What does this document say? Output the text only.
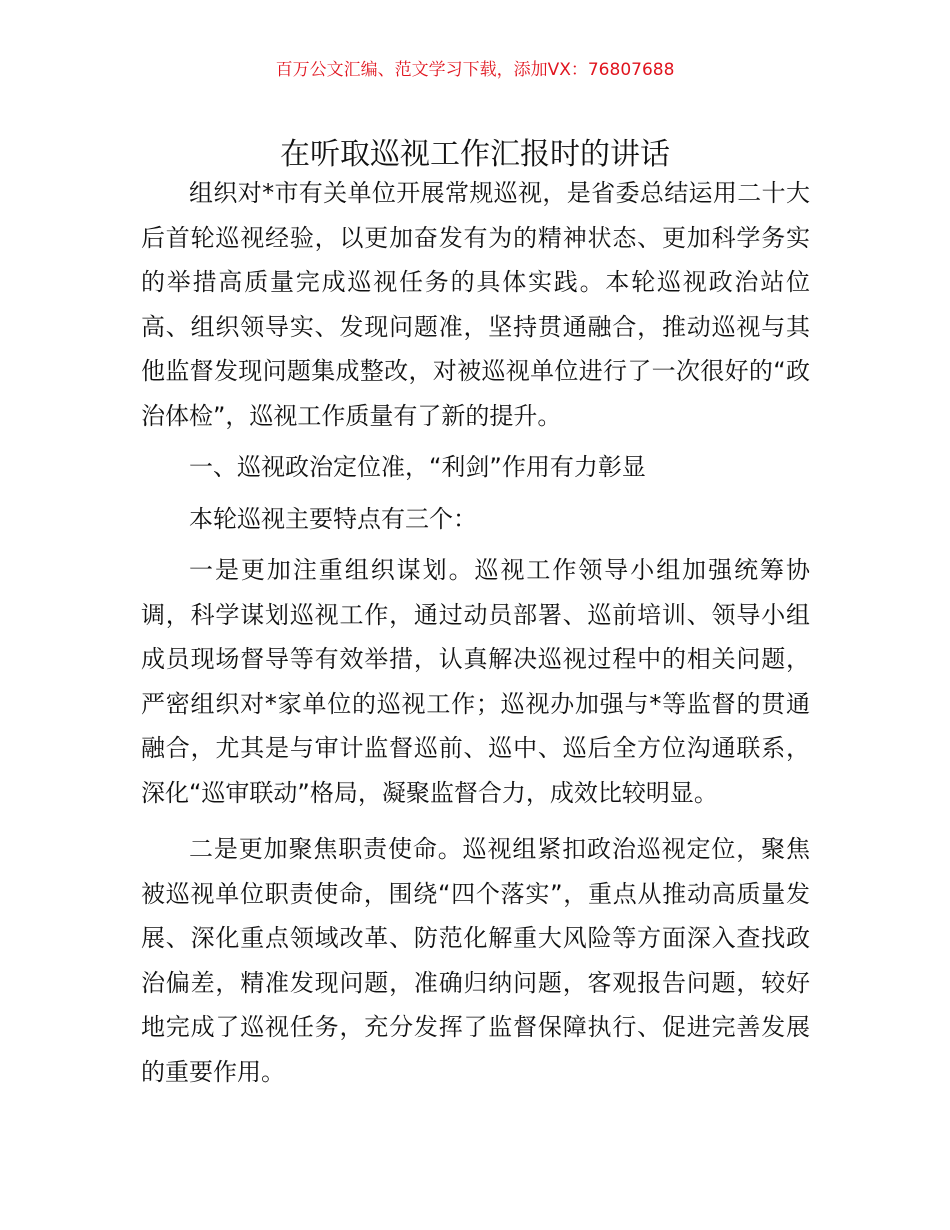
百万公文汇编、范文学习下载，添加VX：76807688
在听取巡视工作汇报时的讲话

组织对*市有关单位开展常规巡视，是省委总结运用二十大后首轮巡视经验，以更加奋发有为的精神状态、更加科学务实的举措高质量完成巡视任务的具体实践。本轮巡视政治站位高、组织领导实、发现问题准，坚持贯通融合，推动巡视与其他监督发现问题集成整改，对被巡视单位进行了一次很好的“政治体检”，巡视工作质量有了新的提升。

一、巡视政治定位准，“利剑”作用有力彰显

本轮巡视主要特点有三个：

一是更加注重组织谋划。巡视工作领导小组加强统筹协调，科学谋划巡视工作，通过动员部署、巡前培训、领导小组成员现场督导等有效举措，认真解决巡视过程中的相关问题，严密组织对*家单位的巡视工作；巡视办加强与*等监督的贯通融合，尤其是与审计监督巡前、巡中、巡后全方位沟通联系，深化“巡审联动”格局，凝聚监督合力，成效比较明显。

二是更加聚焦职责使命。巡视组紧扣政治巡视定位，聚焦被巡视单位职责使命，围绕“四个落实”，重点从推动高质量发展、深化重点领域改革、防范化解重大风险等方面深入查找政治偏差，精准发现问题，准确归纳问题，客观报告问题，较好地完成了巡视任务，充分发挥了监督保障执行、促进完善发展的重要作用。
